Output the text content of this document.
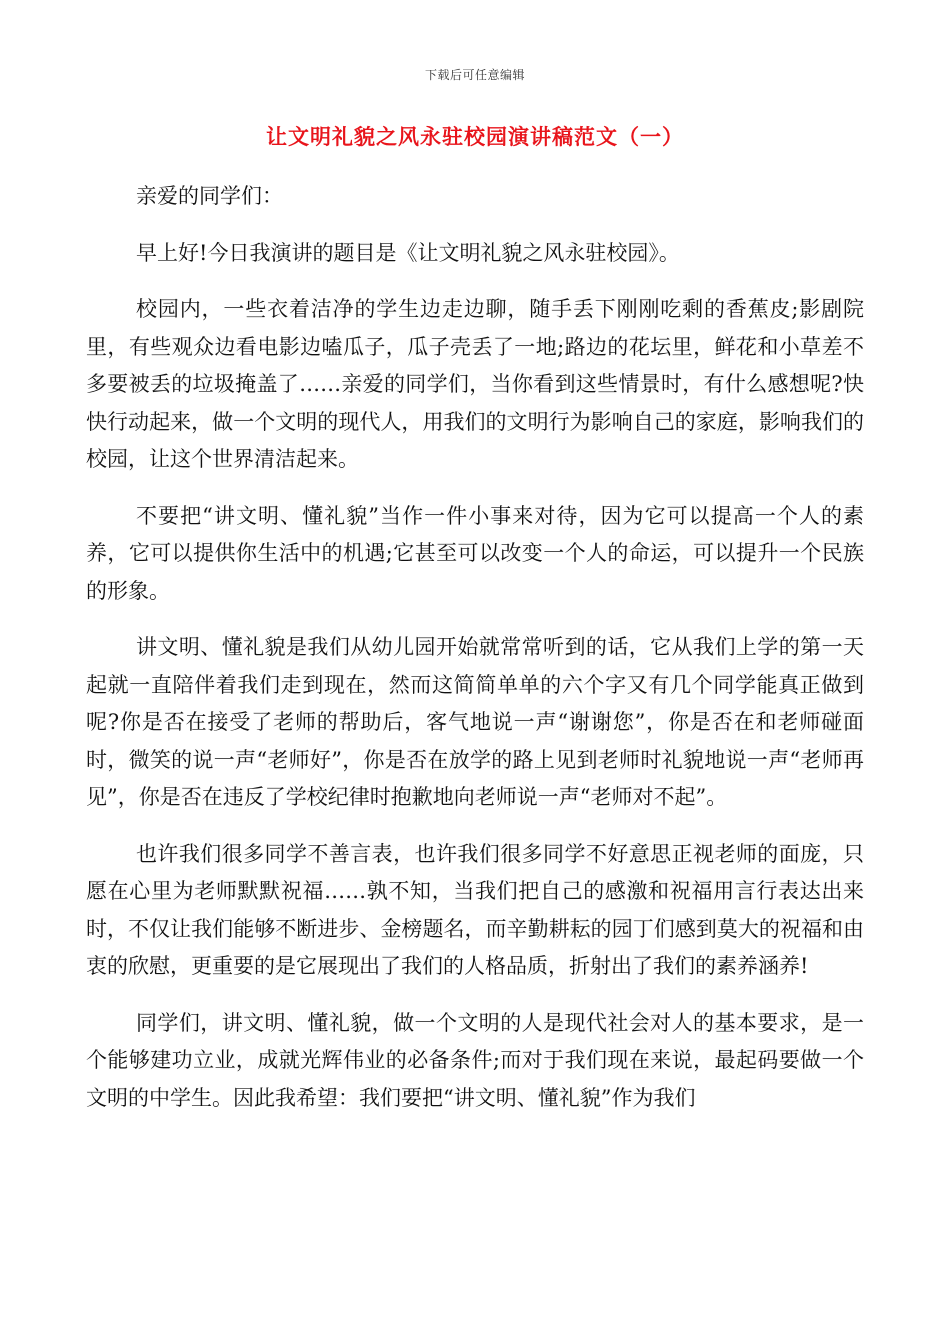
下载后可任意编辑
让文明礼貌之风永驻校园演讲稿范文（一）

亲爱的同学们：

早上好!今日我演讲的题目是《让文明礼貌之风永驻校园》。

校园内，一些衣着洁净的学生边走边聊，随手丢下刚刚吃剩的香蕉皮;影剧院里，有些观众边看电影边嗑瓜子，瓜子壳丢了一地;路边的花坛里，鲜花和小草差不多要被丢的垃圾掩盖了……亲爱的同学们，当你看到这些情景时，有什么感想呢?快快行动起来，做一个文明的现代人，用我们的文明行为影响自己的家庭，影响我们的校园，让这个世界清洁起来。

不要把“讲文明、懂礼貌”当作一件小事来对待，因为它可以提高一个人的素养，它可以提供你生活中的机遇;它甚至可以改变一个人的命运，可以提升一个民族的形象。

讲文明、懂礼貌是我们从幼儿园开始就常常听到的话，它从我们上学的第一天起就一直陪伴着我们走到现在，然而这简简单单的六个字又有几个同学能真正做到呢?你是否在接受了老师的帮助后，客气地说一声“谢谢您”，你是否在和老师碰面时，微笑的说一声“老师好”，你是否在放学的路上见到老师时礼貌地说一声“老师再见”，你是否在违反了学校纪律时抱歉地向老师说一声“老师对不起”。

也许我们很多同学不善言表，也许我们很多同学不好意思正视老师的面庞，只愿在心里为老师默默祝福……孰不知，当我们把自己的感激和祝福用言行表达出来时，不仅让我们能够不断进步、金榜题名，而辛勤耕耘的园丁们感到莫大的祝福和由衷的欣慰，更重要的是它展现出了我们的人格品质，折射出了我们的素养涵养!

同学们，讲文明、懂礼貌，做一个文明的人是现代社会对人的基本要求，是一个能够建功立业，成就光辉伟业的必备条件;而对于我们现在来说，最起码要做一个文明的中学生。因此我希望：我们要把“讲文明、懂礼貌”作为我们
